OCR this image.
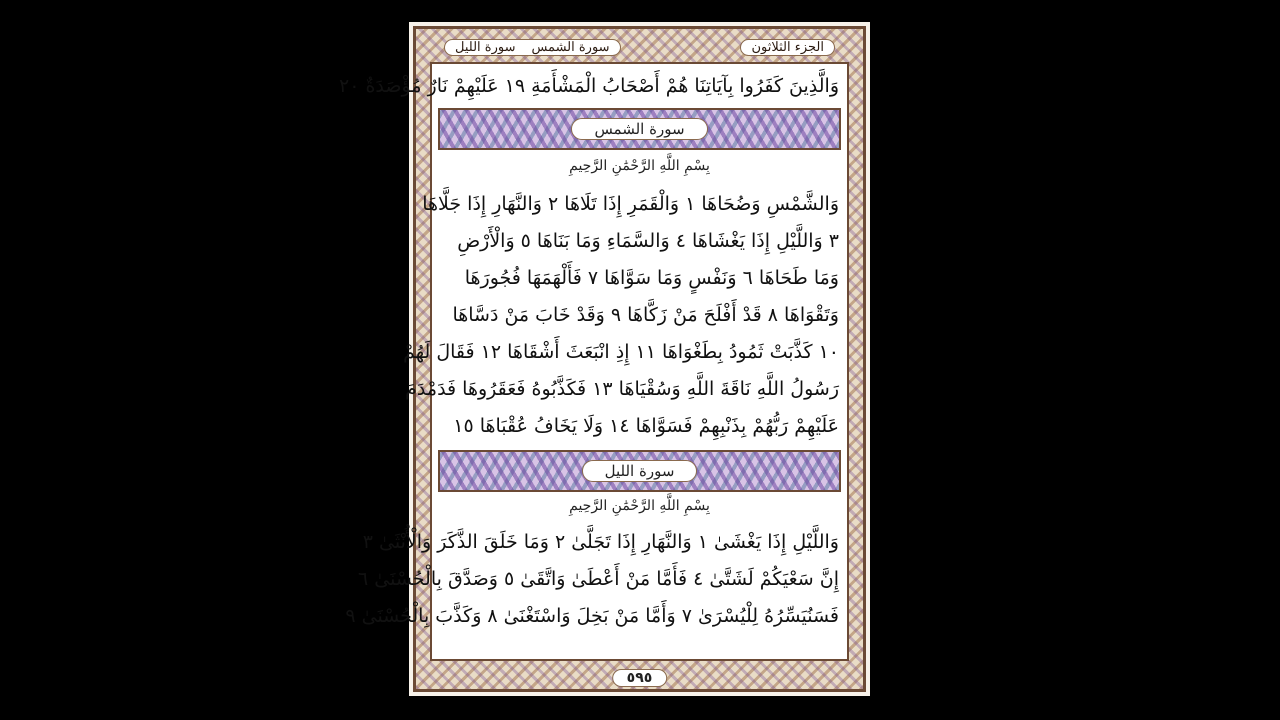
الجزء الثلاثون
سورة الشمس
سورة الليل
وَالَّذِينَ كَفَرُوا بِآيَاتِنَا هُمْ أَصْحَابُ الْمَشْأَمَةِ ١٩ عَلَيْهِمْ نَارٌ مُؤْصَدَةٌ ٢٠
سورة الشمس
بِسْمِ اللَّهِ الرَّحْمَٰنِ الرَّحِيمِ
وَالشَّمْسِ وَضُحَاهَا ١ وَالْقَمَرِ إِذَا تَلَاهَا ٢ وَالنَّهَارِ إِذَا جَلَّاهَا
٣ وَاللَّيْلِ إِذَا يَغْشَاهَا ٤ وَالسَّمَاءِ وَمَا بَنَاهَا ٥ وَالْأَرْضِ
وَمَا طَحَاهَا ٦ وَنَفْسٍ وَمَا سَوَّاهَا ٧ فَأَلْهَمَهَا فُجُورَهَا
وَتَقْوَاهَا ٨ قَدْ أَفْلَحَ مَنْ زَكَّاهَا ٩ وَقَدْ خَابَ مَنْ دَسَّاهَا
١٠ كَذَّبَتْ ثَمُودُ بِطَغْوَاهَا ١١ إِذِ انْبَعَثَ أَشْقَاهَا ١٢ فَقَالَ لَهُمْ
رَسُولُ اللَّهِ نَاقَةَ اللَّهِ وَسُقْيَاهَا ١٣ فَكَذَّبُوهُ فَعَقَرُوهَا فَدَمْدَمَ
عَلَيْهِمْ رَبُّهُمْ بِذَنْبِهِمْ فَسَوَّاهَا ١٤ وَلَا يَخَافُ عُقْبَاهَا ١٥
سورة الليل
بِسْمِ اللَّهِ الرَّحْمَٰنِ الرَّحِيمِ
وَاللَّيْلِ إِذَا يَغْشَىٰ ١ وَالنَّهَارِ إِذَا تَجَلَّىٰ ٢ وَمَا خَلَقَ الذَّكَرَ وَالْأُنْثَىٰ ٣
إِنَّ سَعْيَكُمْ لَشَتَّىٰ ٤ فَأَمَّا مَنْ أَعْطَىٰ وَاتَّقَىٰ ٥ وَصَدَّقَ بِالْحُسْنَىٰ ٦
فَسَنُيَسِّرُهُ لِلْيُسْرَىٰ ٧ وَأَمَّا مَنْ بَخِلَ وَاسْتَغْنَىٰ ٨ وَكَذَّبَ بِالْحُسْنَىٰ ٩
٥٩٥
